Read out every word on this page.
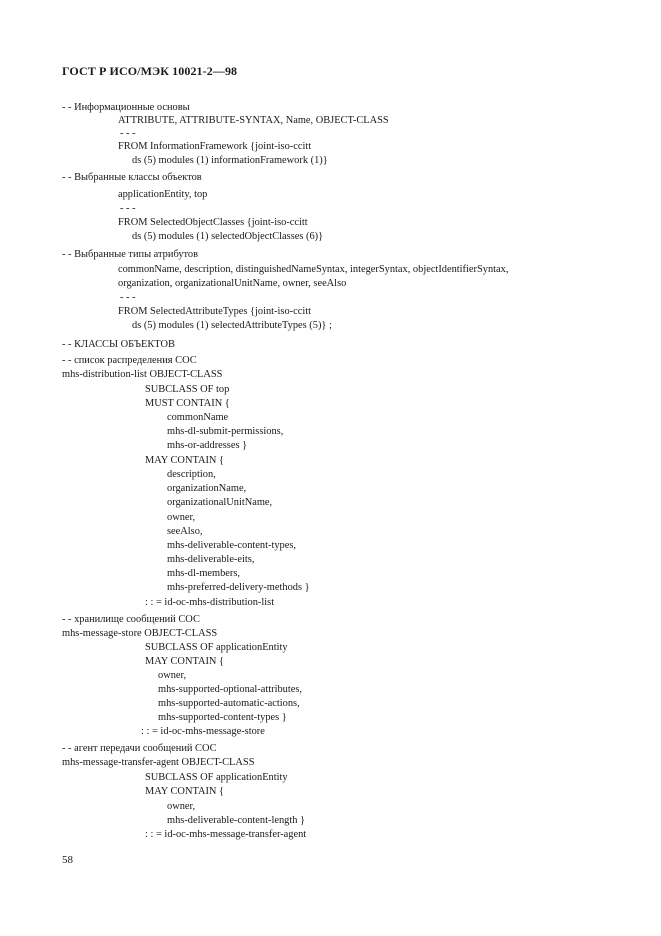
ГОСТ Р ИСО/МЭК 10021-2—98
- - Информационные основы
ATTRIBUTE, ATTRIBUTE-SYNTAX, Name, OBJECT-CLASS
- - -
FROM InformationFramework {joint-iso-ccitt
ds (5) modules (1) informationFramework (1)}
- - Выбранные классы объектов
applicationEntity, top
- - -
FROM SelectedObjectClasses {joint-iso-ccitt
ds (5) modules (1) selectedObjectClasses (6)}
- - Выбранные типы атрибутов
commonName, description, distinguishedNameSyntax, integerSyntax, objectIdentifierSyntax,
organization, organizationalUnitName, owner, seeAlso
- - -
FROM SelectedAttributeTypes {joint-iso-ccitt
ds (5) modules (1) selectedAttributeTypes (5)} ;
- - КЛАССЫ ОБЪЕКТОВ
- - список распределения СОС
mhs-distribution-list OBJECT-CLASS
SUBCLASS OF top
MUST CONTAIN {
commonName
mhs-dl-submit-permissions,
mhs-or-addresses }
MAY CONTAIN {
description,
organizationName,
organizationalUnitName,
owner,
seeAlso,
mhs-deliverable-content-types,
mhs-deliverable-eits,
mhs-dl-members,
mhs-preferred-delivery-methods }
: : = id-oc-mhs-distribution-list
- - хранилище сообщений СОС
mhs-message-store OBJECT-CLASS
SUBCLASS OF applicationEntity
MAY CONTAIN {
owner,
mhs-supported-optional-attributes,
mhs-supported-automatic-actions,
mhs-supported-content-types }
: : = id-oc-mhs-message-store
- - агент передачи сообщений СОС
mhs-message-transfer-agent OBJECT-CLASS
SUBCLASS OF applicationEntity
MAY CONTAIN {
owner,
mhs-deliverable-content-length }
: : = id-oc-mhs-message-transfer-agent
58
